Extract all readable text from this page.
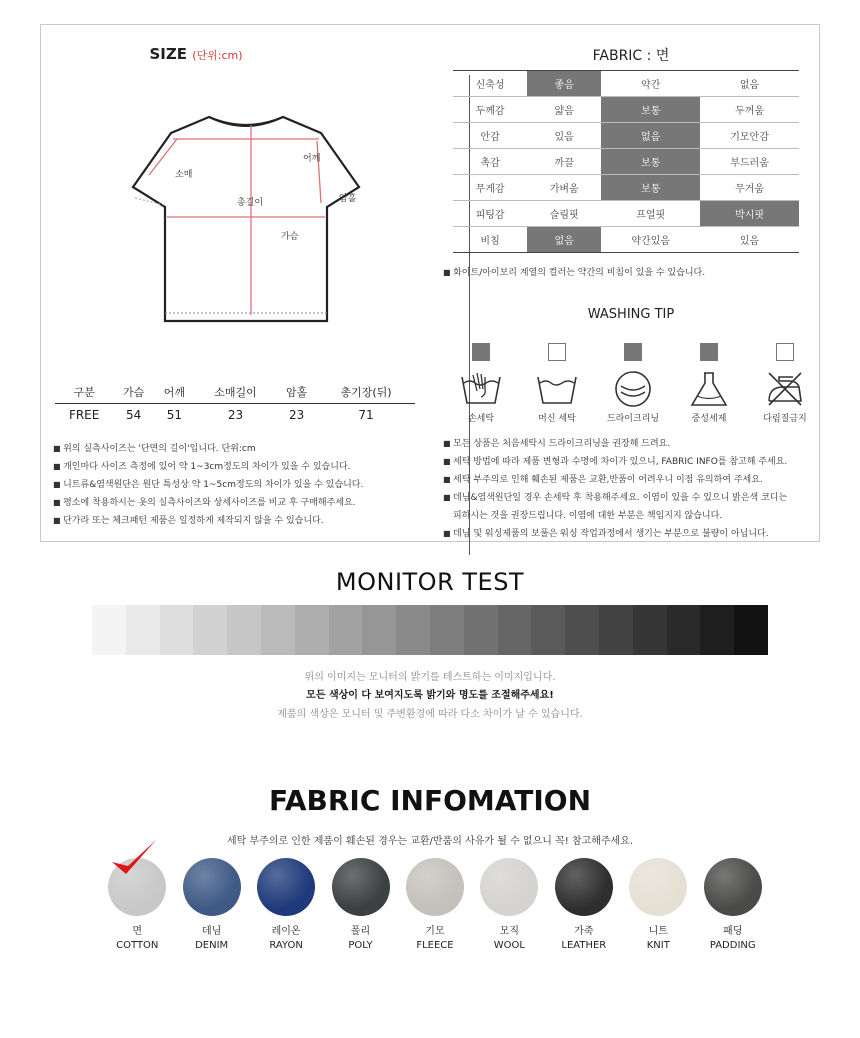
SIZE (단위:cm)
소매
어깨
총길이	암홀
가슴
구분	가슴	어깨	소매길이	암홀	총기장(뒤)
FREE	54	51	23	23	71
■ 위의 실측사이즈는 '단면의 길이'입니다. 단위:cm
■ 개인마다 사이즈 측정에 있어 약 1~3cm정도의 차이가 있을 수 있습니다.
■ 니트류&염색원단은 원단 특성상 약 1~5cm정도의 차이가 있을 수 있습니다.
■ 평소에 착용하시는 옷의 실측사이즈와 상세사이즈를 비교 후 구매해주세요.
■ 단가라 또는 체크패턴 제품은 일정하게 제작되지 않을 수 있습니다.
FABRIC : 면
신축성	좋음	약간	없음
두께감	얇음	보통	두꺼움
안감	있음	없음	기모안감
촉감	까끌	보통	부드러움
무게감	가벼움	보통	무거움
피팅감	슬림핏	프얼핏	박시핏
비침	없음	약간있음	있음
■ 화이트/아이보리 계열의 컬러는 약간의 비침이 있을 수 있습니다.
WASHING TIP
손세탁	머신 세탁	드라이크리닝	중성세제	다림질금지
■ 모든 상품은 처음세탁시 드라이크리닝을 권장해 드려요.
■ 세탁 방법에 따라 제품 변형과 수명에 차이가 있으니, FABRIC INFO를 참고해 주세요.
■ 세탁 부주의로 인해 훼손된 제품은 교환,반품이 어려우니 이점 유의하여 주세요.
■ 데님&염색원단일 경우 손세탁 후 착용해주세요. 이염이 있을 수 있으니 밝은색 코디는
피하시는 것을 권장드립니다. 이염에 대한 부분은 책임지지 않습니다.
■ 데님 및 워싱제품의 보풀은 워싱 작업과정에서 생기는 부분으로 불량이 아닙니다.
MONITOR TEST
위의 이미지는 모니터의 밝기를 테스트하는 이미지입니다.
모든 색상이 다 보여지도록 밝기와 명도를 조절해주세요!
제품의 색상은 모니터 및 주변환경에 따라 다소 차이가 날 수 있습니다.
FABRIC INFOMATION
세탁 부주의로 인한 제품이 훼손된 경우는 교환/반품의 사유가 될 수 없으니 꼭! 참고해주세요.
면
COTTON
데님
DENIM
레이온
RAYON
폴리
POLY
기모
FLEECE
모직
WOOL
가죽
LEATHER
니트
KNIT
패딩
PADDING
